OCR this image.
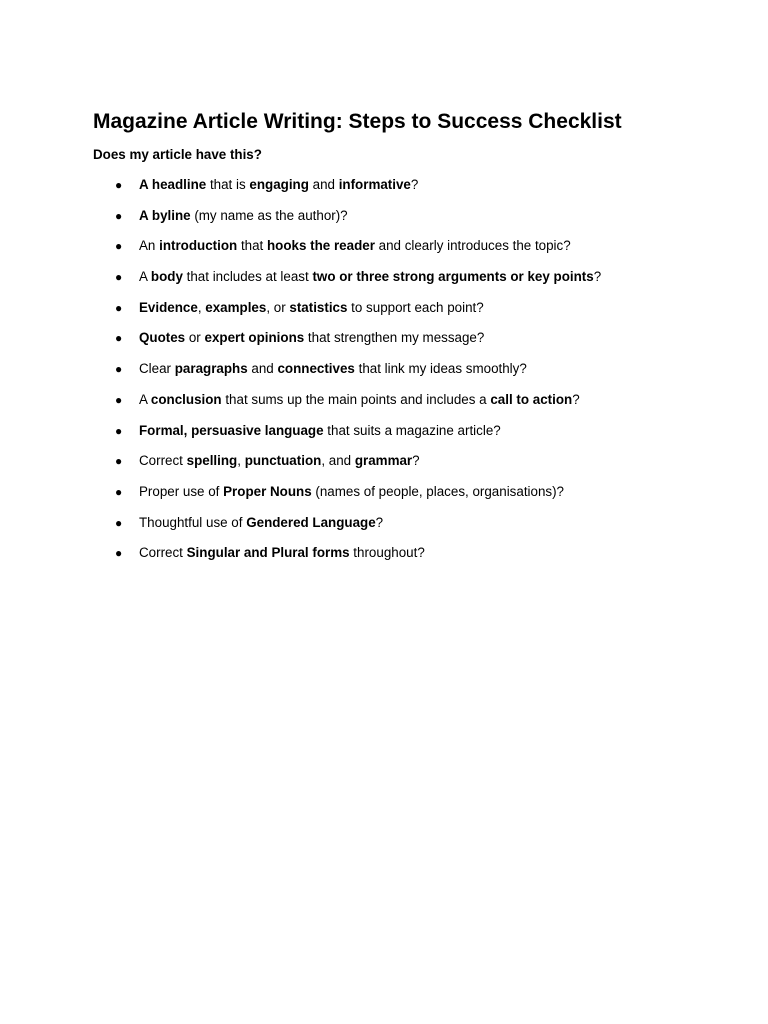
Magazine Article Writing: Steps to Success Checklist

Does my article have this?

● A headline that is engaging and informative?
● A byline (my name as the author)?
● An introduction that hooks the reader and clearly introduces the topic?
● A body that includes at least two or three strong arguments or key points?
● Evidence, examples, or statistics to support each point?
● Quotes or expert opinions that strengthen my message?
● Clear paragraphs and connectives that link my ideas smoothly?
● A conclusion that sums up the main points and includes a call to action?
● Formal, persuasive language that suits a magazine article?
● Correct spelling, punctuation, and grammar?
● Proper use of Proper Nouns (names of people, places, organisations)?
● Thoughtful use of Gendered Language?
● Correct Singular and Plural forms throughout?
